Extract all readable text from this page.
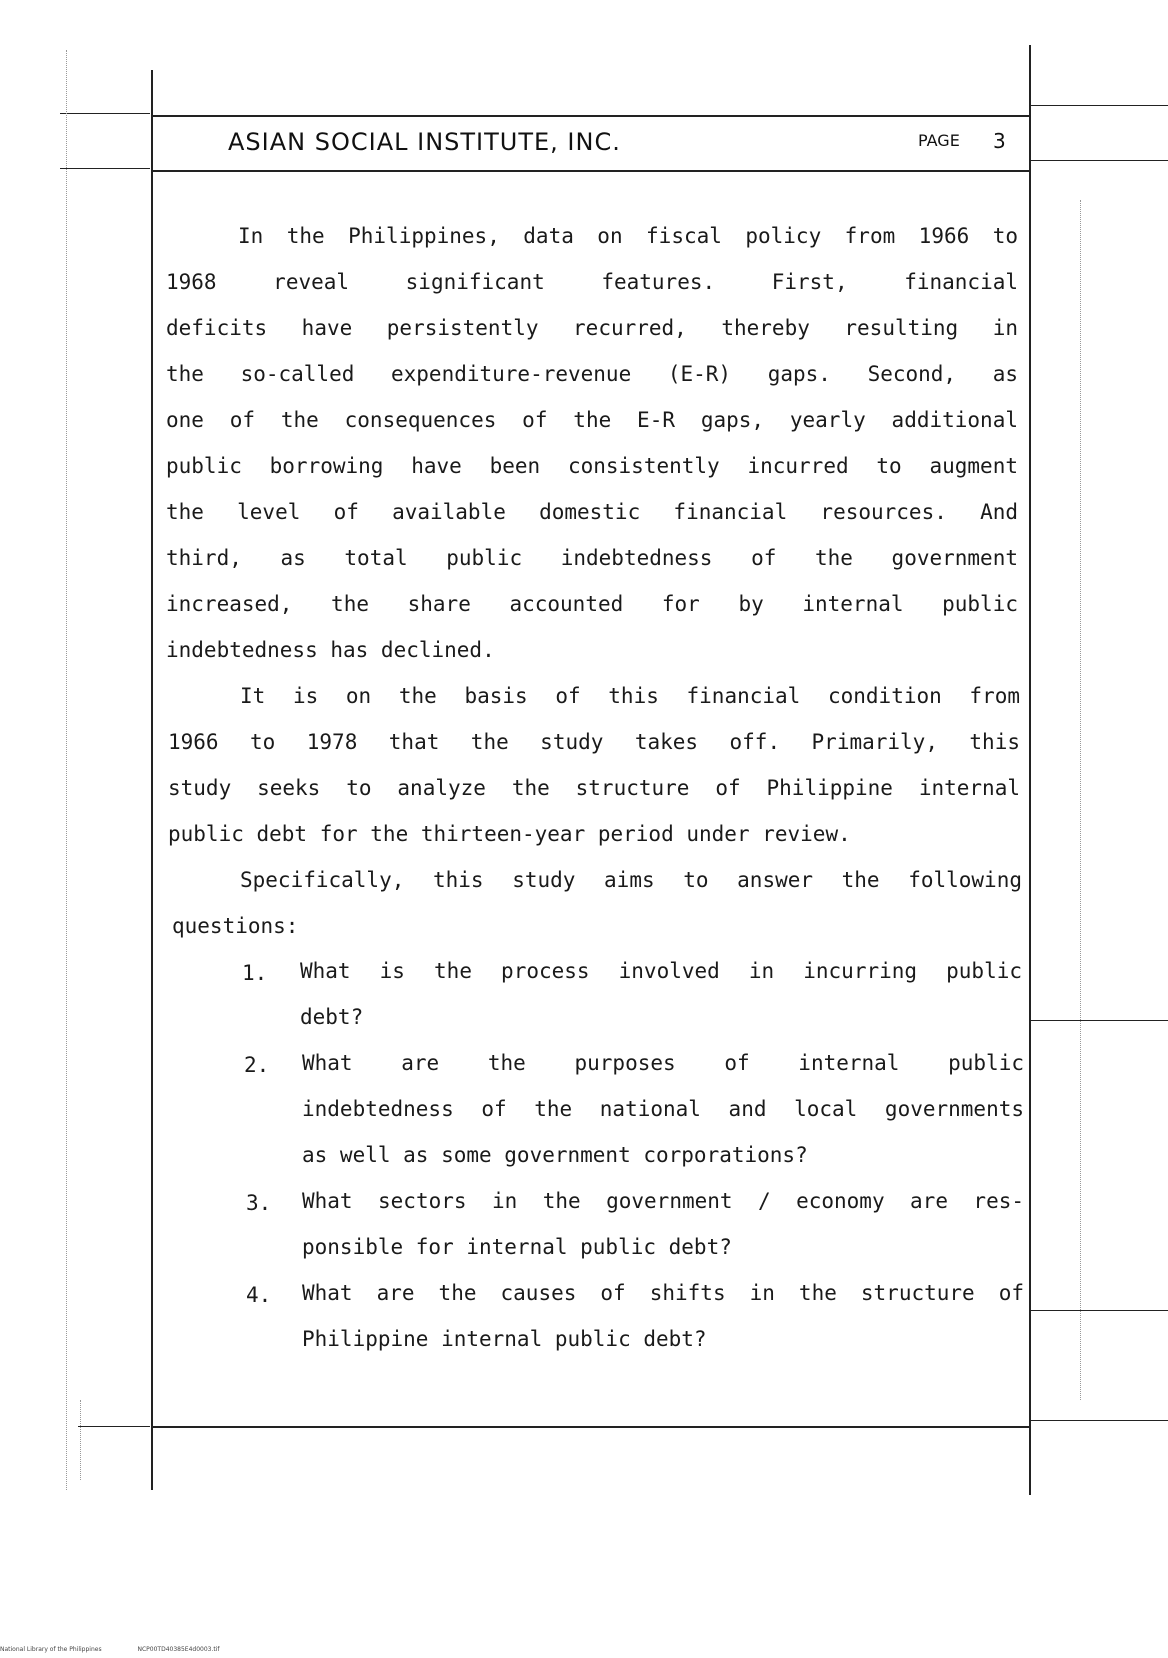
ASIAN SOCIAL INSTITUTE, INC.	PAGE 3
In the Philippines, data on fiscal policy from 1966 to
1968 reveal significant features. First, financial
deficits have persistently recurred, thereby resulting in
the so-called expenditure-revenue (E-R) gaps. Second, as
one of the consequences of the E-R gaps, yearly additional
public borrowing have been consistently incurred to augment
the level of available domestic financial resources. And
third, as total public indebtedness of the government
increased, the share accounted for by internal public
indebtedness has declined.
It is on the basis of this financial condition from
1966 to 1978 that the study takes off. Primarily, this
study seeks to analyze the structure of Philippine internal
public debt for the thirteen-year period under review.
Specifically, this study aims to answer the following
questions:
1. What is the process involved in incurring public
debt?
2. What are the purposes of internal public
indebtedness of the national and local governments
as well as some government corporations?
3. What sectors in the government / economy are res-
ponsible for internal public debt?
4. What are the causes of shifts in the structure of
Philippine internal public debt?
National Library of the Philippines	NCP00TD40385E4d0003.tif
